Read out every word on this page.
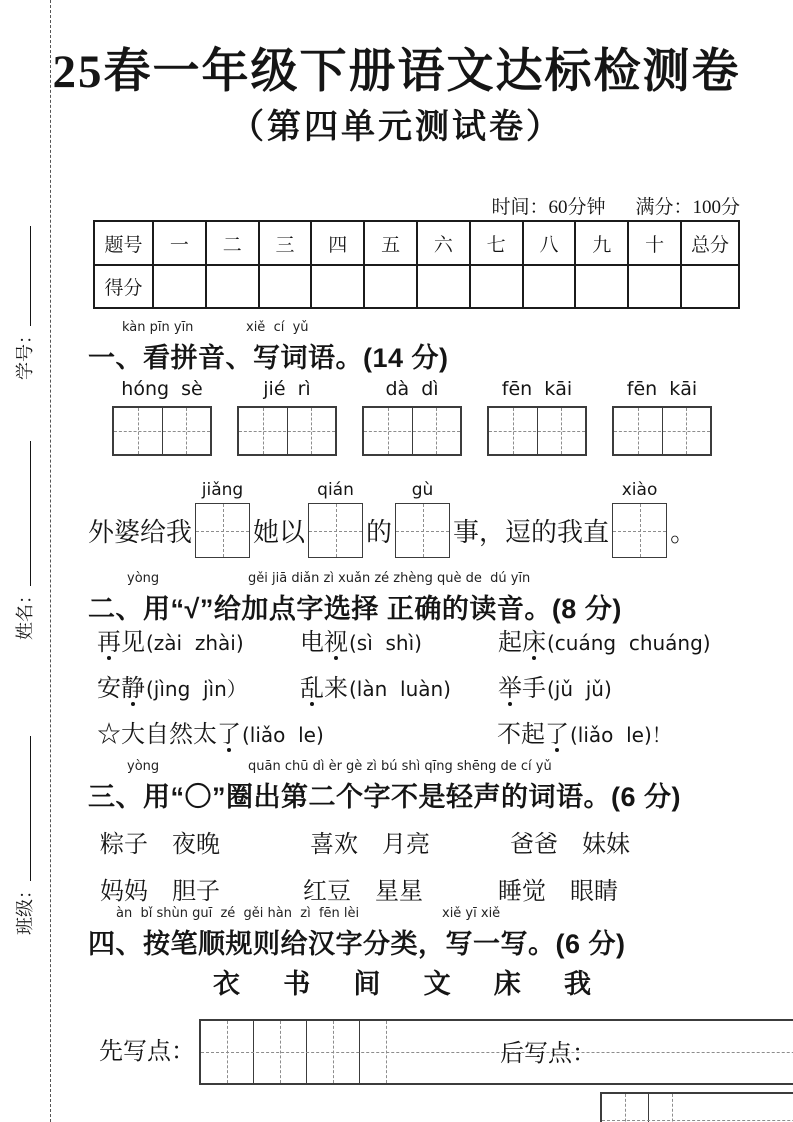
学号：
姓名：
班级：
25春一年级下册语文达标检测卷
（第四单元测试卷）
时间：60分钟 满分：100分
题号	一	二	三	四	五	六	七	八	九	十	总分
得分											
kàn pīn yīn	xiě  cí  yǔ
一、看拼音、写词语。(14 分)
hóng  sè	jié  rì	dà  dì	fēn  kāi	fēn  kāi
外婆给我
jiǎng
她以
qián
的
gù
事，逗的我直
xiào
。
yòng	gěi jiā diǎn zì xuǎn zé zhèng què de  dú yīn
二、用“√”给加点字选择 正确的读音。(8 分)
再见 (zài  zhài) 电视 (sì  shì)	起床 (cuáng  chuáng)
安静 (jìng  jìn） 乱来 (làn  luàn) 举手 (jǔ  jǔ)
☆大自然太了 (liǎo  le)	不起了 (liǎo  le)！
yòng	quān chū dì èr gè zì bú shì qīng shēng de cí yǔ
三、用“〇”圈出第二个字不是轻声的词语。(6 分)
粽子　夜晚	喜欢　月亮	爸爸　妹妹
妈妈　胆子	红豆　星星	睡觉　眼睛
àn  bǐ shùn guī  zé  gěi hàn  zì  fēn lèi	xiě yī xiě
四、按笔顺规则给汉字分类，写一写。(6 分)
衣 书 间 文 床 我
先写点：	后写点：
